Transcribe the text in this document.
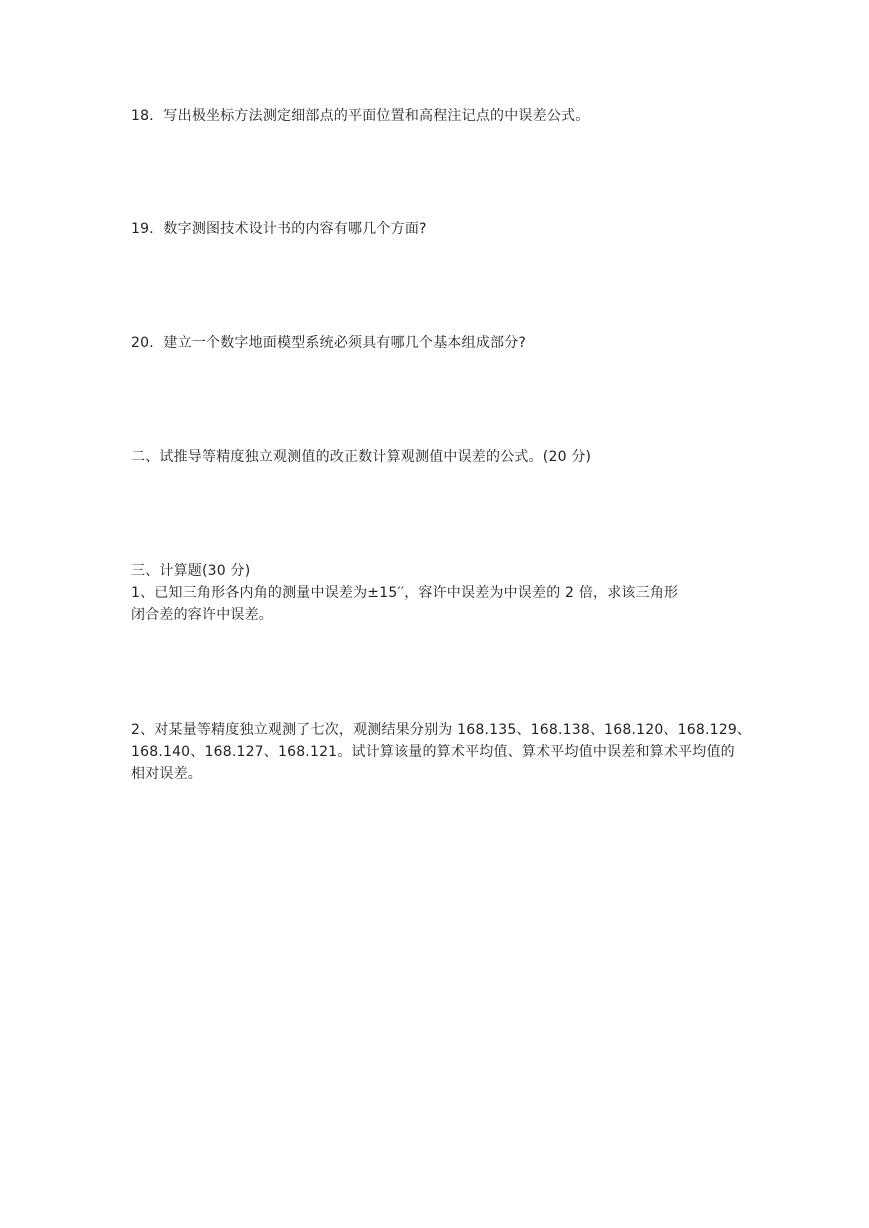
18．写出极坐标方法测定细部点的平面位置和高程注记点的中误差公式。
19．数字测图技术设计书的内容有哪几个方面?
20．建立一个数字地面模型系统必须具有哪几个基本组成部分?
二、试推导等精度独立观测值的改正数计算观测值中误差的公式。(20 分)
三、计算题(30 分)
1、已知三角形各内角的测量中误差为±15′′，容许中误差为中误差的 2 倍，求该三角形
闭合差的容许中误差。
2、对某量等精度独立观测了七次，观测结果分别为 168.135、168.138、168.120、168.129、
168.140、168.127、168.121。试计算该量的算术平均值、算术平均值中误差和算术平均值的
相对误差。
